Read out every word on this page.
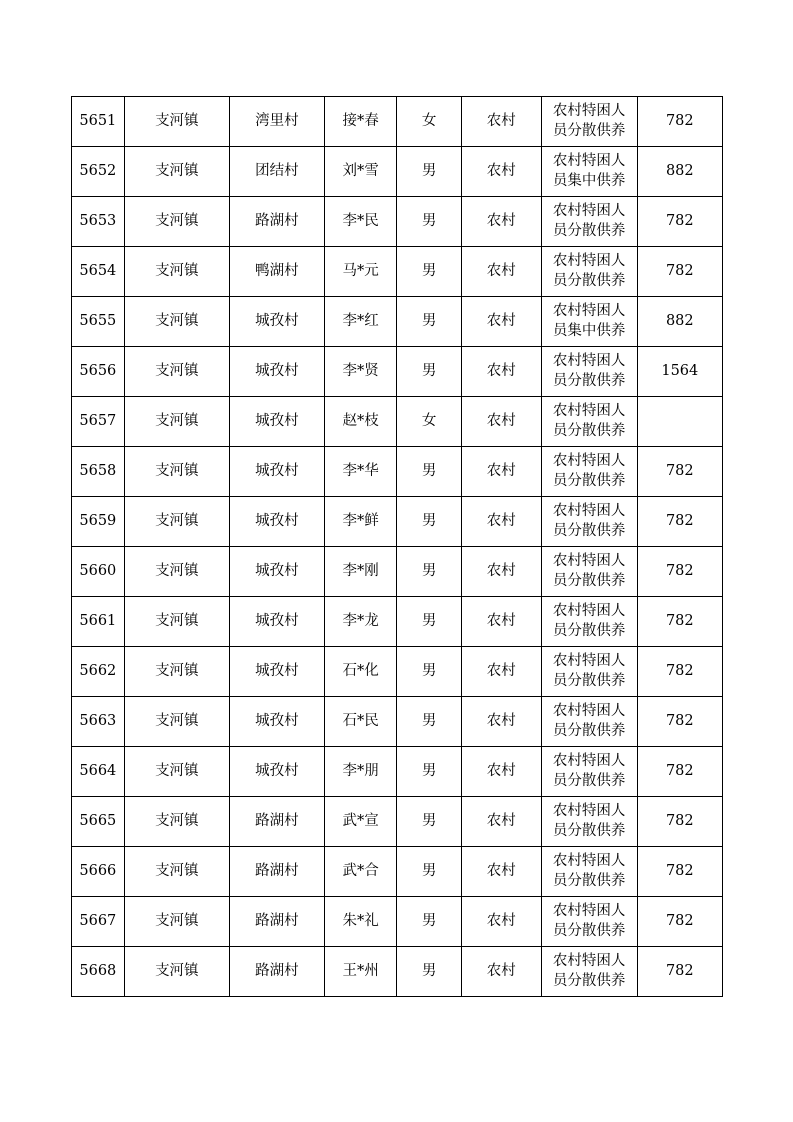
5651	支河镇	湾里村	接*春	女	农村	农村特困人
员分散供养	782
5652	支河镇	团结村	刘*雪	男	农村	农村特困人
员集中供养	882
5653	支河镇	路湖村	李*民	男	农村	农村特困人
员分散供养	782
5654	支河镇	鸭湖村	马*元	男	农村	农村特困人
员分散供养	782
5655	支河镇	城孜村	李*红	男	农村	农村特困人
员集中供养	882
5656	支河镇	城孜村	李*贤	男	农村	农村特困人
员分散供养	1564
5657	支河镇	城孜村	赵*枝	女	农村	农村特困人
员分散供养	

5658	支河镇	城孜村	李*华	男	农村	农村特困人
员分散供养	782
5659	支河镇	城孜村	李*鲜	男	农村	农村特困人
员分散供养	782
5660	支河镇	城孜村	李*刚	男	农村	农村特困人
员分散供养	782
5661	支河镇	城孜村	李*龙	男	农村	农村特困人
员分散供养	782
5662	支河镇	城孜村	石*化	男	农村	农村特困人
员分散供养	782
5663	支河镇	城孜村	石*民	男	农村	农村特困人
员分散供养	782
5664	支河镇	城孜村	李*朋	男	农村	农村特困人
员分散供养	782
5665	支河镇	路湖村	武*宣	男	农村	农村特困人
员分散供养	782
5666	支河镇	路湖村	武*合	男	农村	农村特困人
员分散供养	782
5667	支河镇	路湖村	朱*礼	男	农村	农村特困人
员分散供养	782
5668	支河镇	路湖村	王*州	男	农村	农村特困人
员分散供养	782
